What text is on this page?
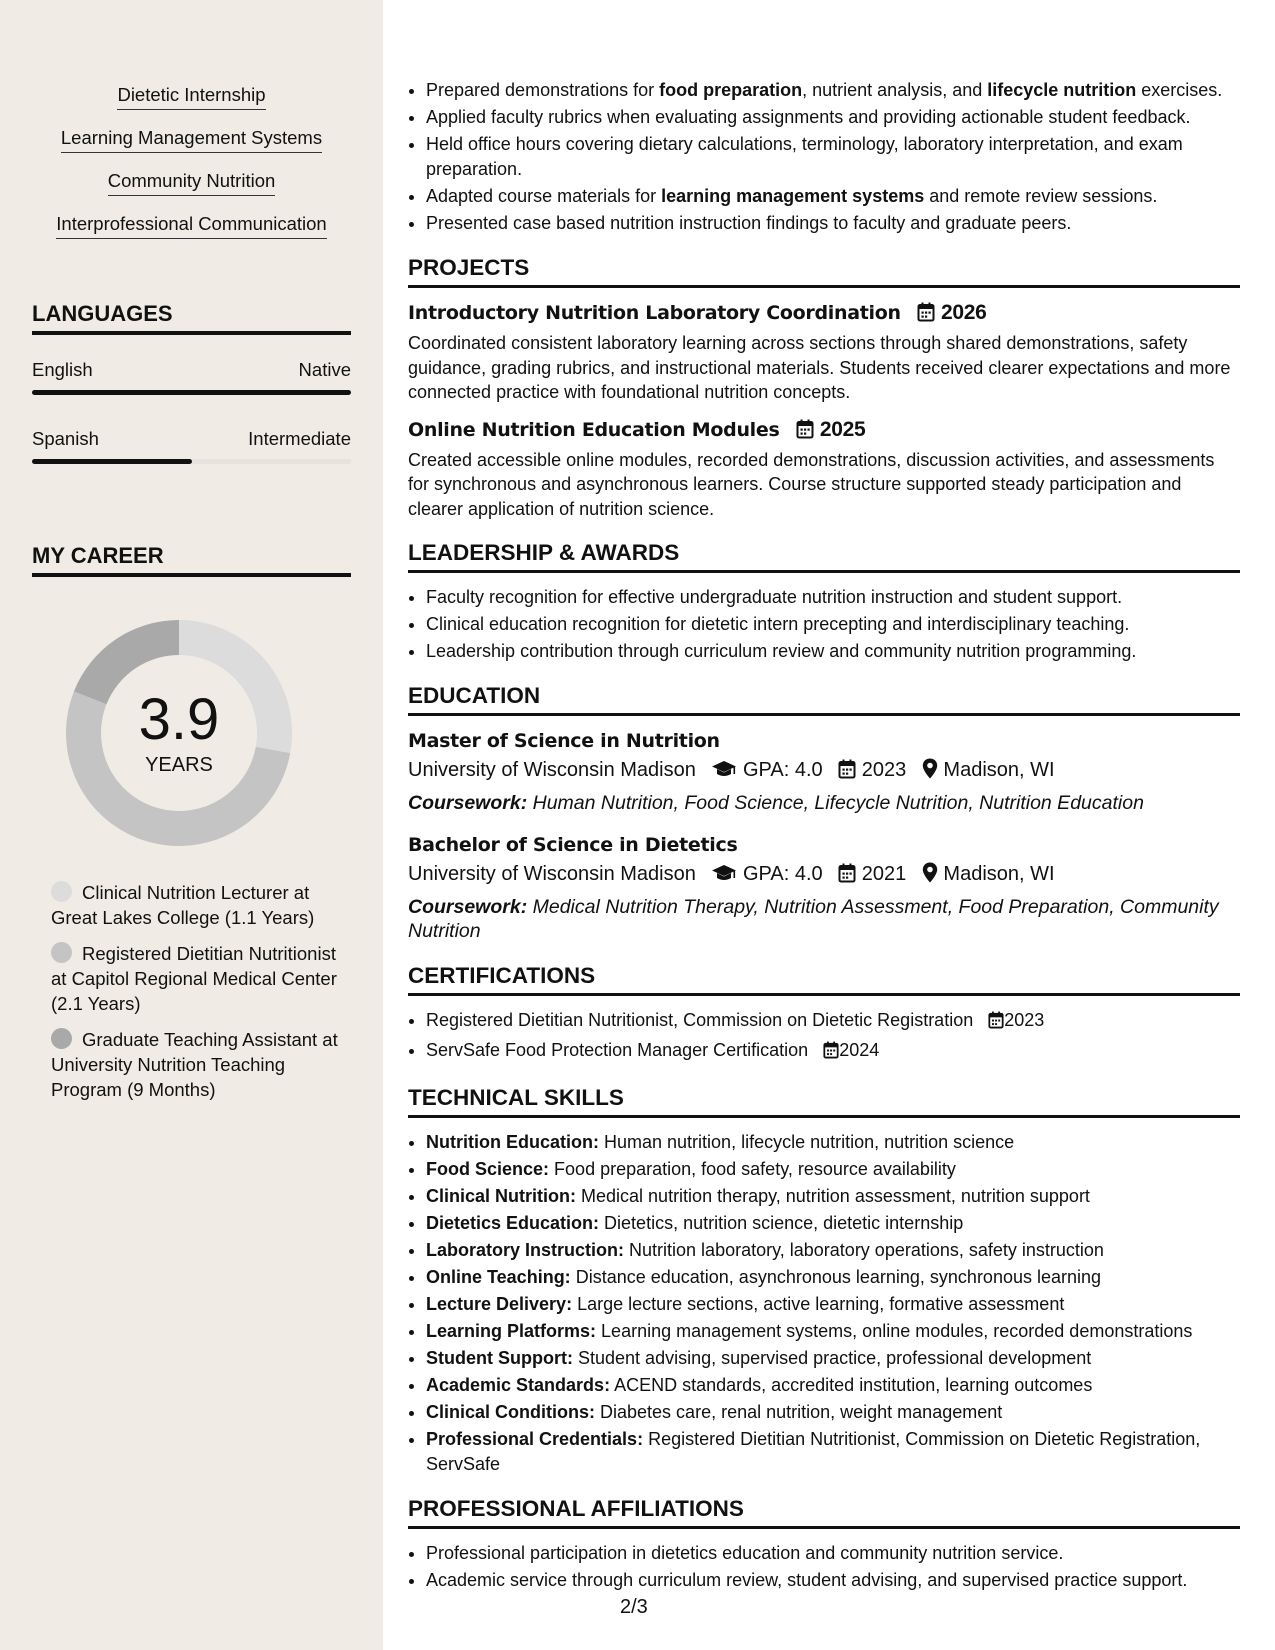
Dietetic Internship
Learning Management Systems
Community Nutrition
Interprofessional Communication
LANGUAGES
English	Native
Spanish	Intermediate
MY CAREER
3.9
YEARS
Clinical Nutrition Lecturer at Great Lakes College (1.1 Years)
Registered Dietitian Nutritionist at Capitol Regional Medical Center (2.1 Years)
Graduate Teaching Assistant at University Nutrition Teaching Program (9 Months)
• Prepared demonstrations for food preparation, nutrient analysis, and lifecycle nutrition exercises.
• Applied faculty rubrics when evaluating assignments and providing actionable student feedback.
• Held office hours covering dietary calculations, terminology, laboratory interpretation, and exam preparation.
• Adapted course materials for learning management systems and remote review sessions.
• Presented case based nutrition instruction findings to faculty and graduate peers.
PROJECTS
Introductory Nutrition Laboratory Coordination 2026
Coordinated consistent laboratory learning across sections through shared demonstrations, safety guidance, grading rubrics, and instructional materials. Students received clearer expectations and more connected practice with foundational nutrition concepts.
Online Nutrition Education Modules 2025
Created accessible online modules, recorded demonstrations, discussion activities, and assessments for synchronous and asynchronous learners. Course structure supported steady participation and clearer application of nutrition science.
LEADERSHIP & AWARDS
• Faculty recognition for effective undergraduate nutrition instruction and student support.
• Clinical education recognition for dietetic intern precepting and interdisciplinary teaching.
• Leadership contribution through curriculum review and community nutrition programming.
EDUCATION
Master of Science in Nutrition
University of Wisconsin Madison GPA: 4.0 2023 Madison, WI
Coursework: Human Nutrition, Food Science, Lifecycle Nutrition, Nutrition Education
Bachelor of Science in Dietetics
University of Wisconsin Madison GPA: 4.0 2021 Madison, WI
Coursework: Medical Nutrition Therapy, Nutrition Assessment, Food Preparation, Community Nutrition
CERTIFICATIONS
• Registered Dietitian Nutritionist, Commission on Dietetic Registration 2023
• ServSafe Food Protection Manager Certification 2024
TECHNICAL SKILLS
• Nutrition Education: Human nutrition, lifecycle nutrition, nutrition science
• Food Science: Food preparation, food safety, resource availability
• Clinical Nutrition: Medical nutrition therapy, nutrition assessment, nutrition support
• Dietetics Education: Dietetics, nutrition science, dietetic internship
• Laboratory Instruction: Nutrition laboratory, laboratory operations, safety instruction
• Online Teaching: Distance education, asynchronous learning, synchronous learning
• Lecture Delivery: Large lecture sections, active learning, formative assessment
• Learning Platforms: Learning management systems, online modules, recorded demonstrations
• Student Support: Student advising, supervised practice, professional development
• Academic Standards: ACEND standards, accredited institution, learning outcomes
• Clinical Conditions: Diabetes care, renal nutrition, weight management
• Professional Credentials: Registered Dietitian Nutritionist, Commission on Dietetic Registration, ServSafe
PROFESSIONAL AFFILIATIONS
• Professional participation in dietetics education and community nutrition service.
• Academic service through curriculum review, student advising, and supervised practice support.
2/3
